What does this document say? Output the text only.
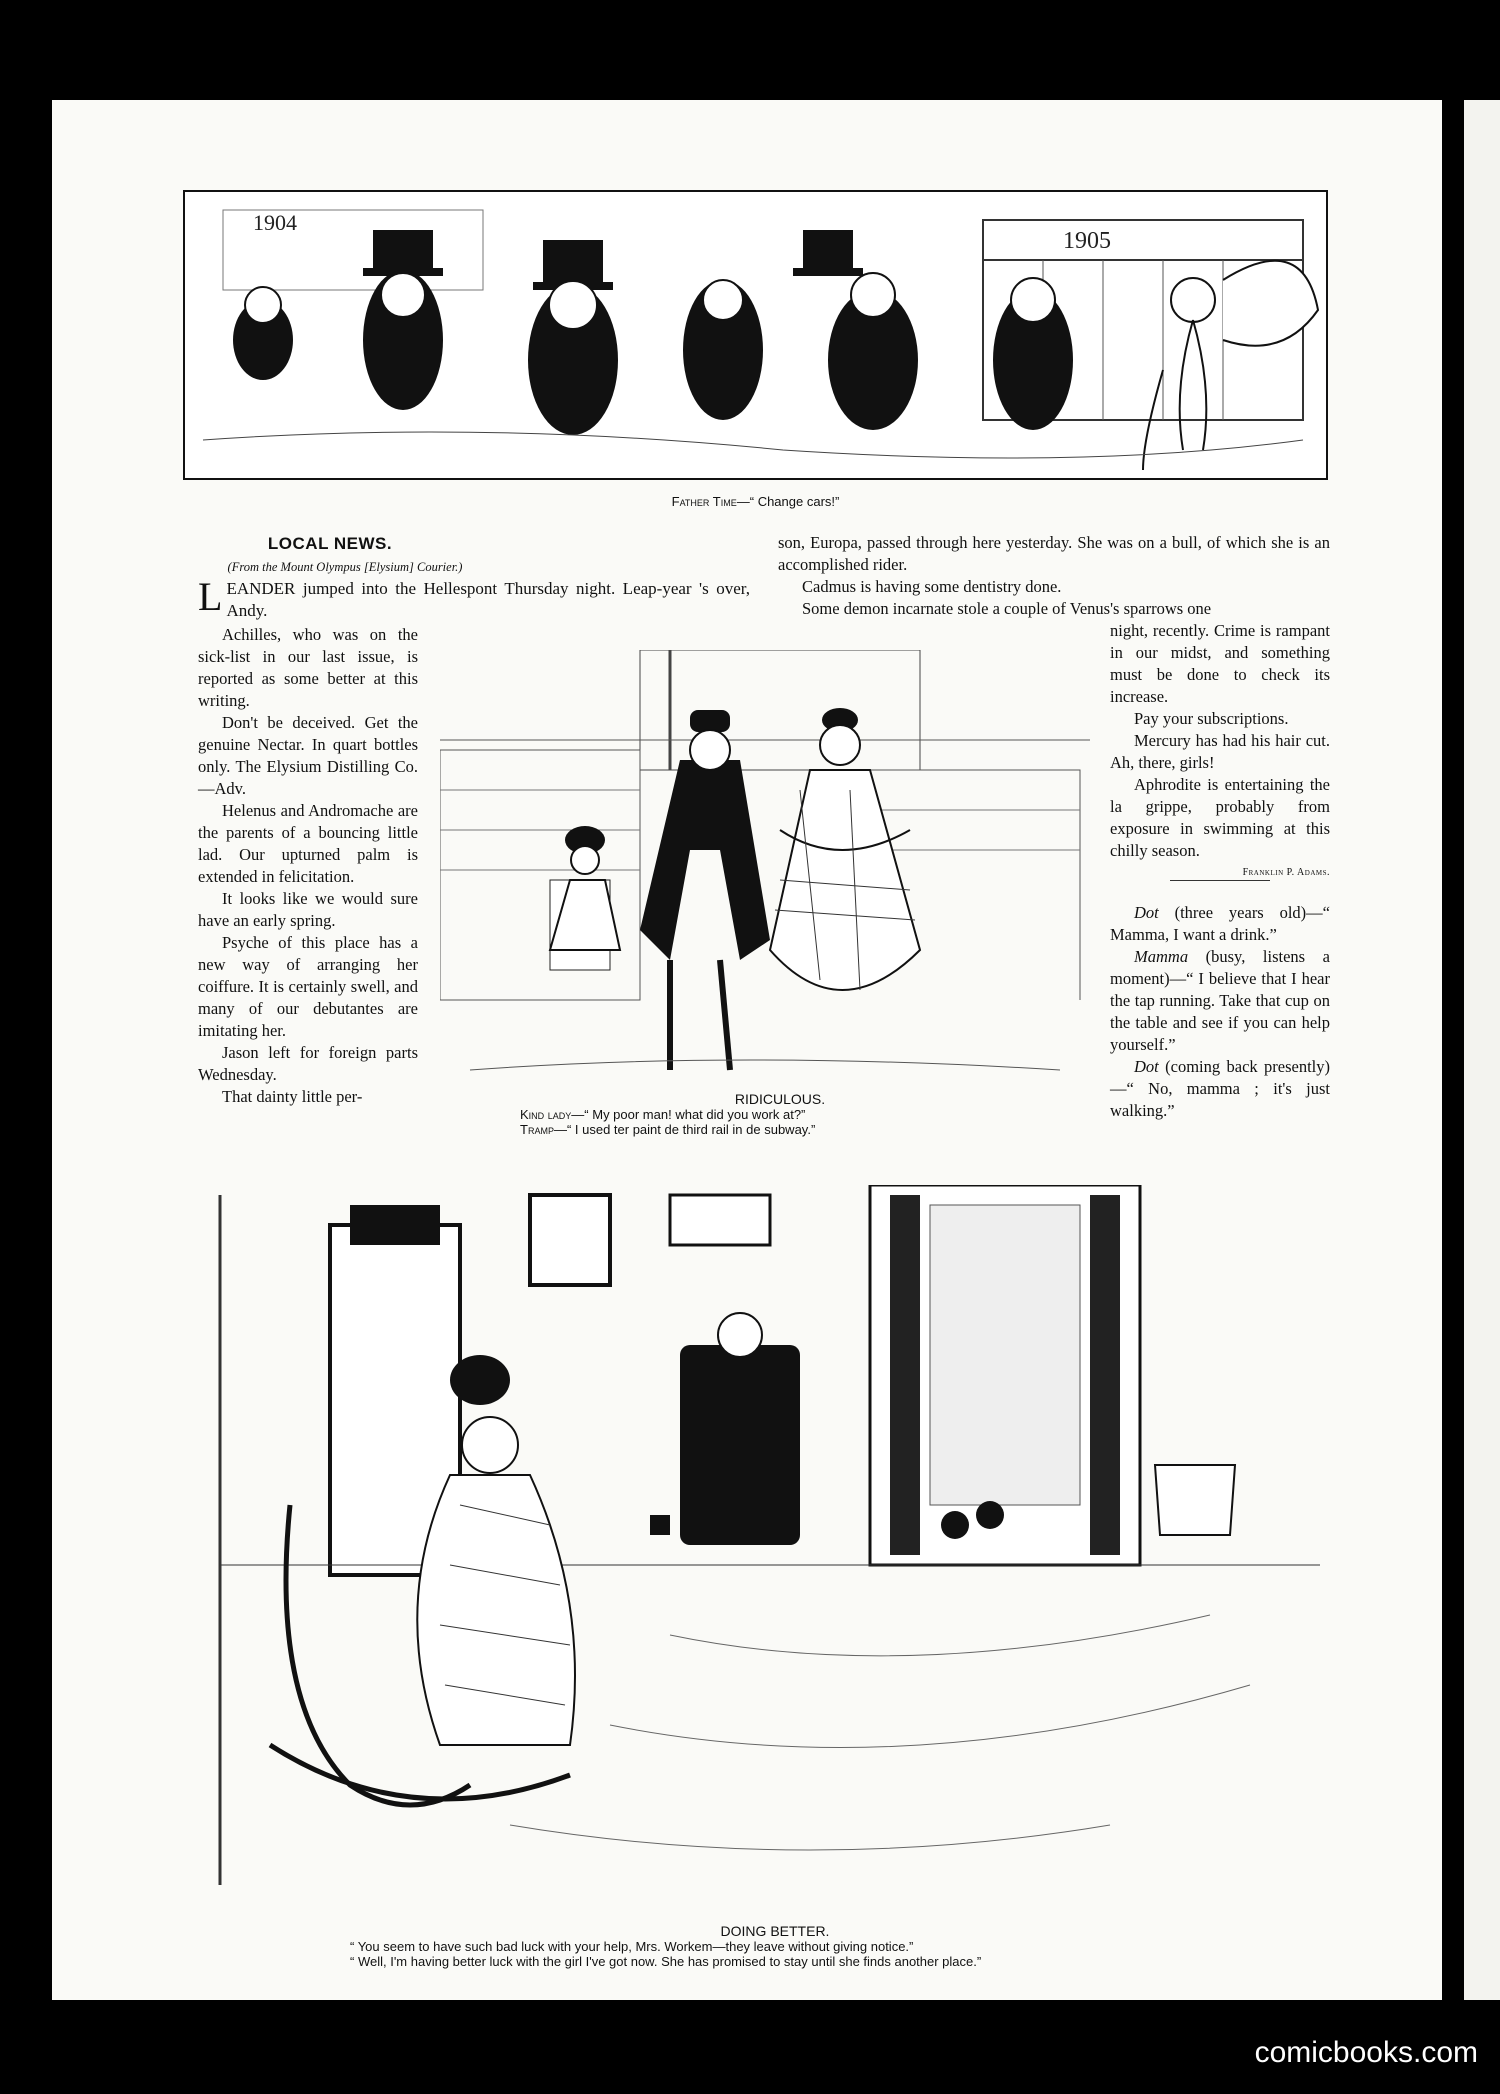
1904
1905
Father Time—“ Change cars!”
LOCAL NEWS.
(From the Mount Olympus [Elysium] Courier.)
LEANDER jumped into the Hellespont Thursday night. Leap-year 's over, Andy.

Achilles, who was on the sick-list in our last issue, is reported as some better at this writing.

Don't be deceived. Get the genuine Nectar. In quart bottles only. The Elysium Distilling Co.—Adv.

Helenus and Andromache are the parents of a bouncing little lad. Our upturned palm is extended in felicitation.

It looks like we would sure have an early spring.

Psyche of this place has a new way of arranging her coiffure. It is certainly swell, and many of our debutantes are imitating her.

Jason left for foreign parts Wednesday.

That dainty little per-

son, Europa, passed through here yesterday. She was on a bull, of which she is an accomplished rider.

Cadmus is having some dentistry done.

Some demon incarnate stole a couple of Venus's sparrows one

night, recently. Crime is rampant in our midst, and something must be done to check its increase.

Pay your subscriptions.

Mercury has had his hair cut. Ah, there, girls!

Aphrodite is entertaining the la grippe, probably from exposure in swimming at this chilly season.

Franklin P. Adams.

Dot (three years old)—“ Mamma, I want a drink.”

Mamma (busy, listens a moment)—“ I believe that I hear the tap running. Take that cup on the table and see if you can help yourself.”

Dot (coming back presently)—“ No, mamma ; it's just walking.”

RIDICULOUS.
Kind lady—“ My poor man! what did you work at?”
Tramp—“ I used ter paint de third rail in de subway.”
DOING BETTER.
“ You seem to have such bad luck with your help, Mrs. Workem—they leave without giving notice.”
“ Well, I'm having better luck with the girl I've got now. She has promised to stay until she finds another place.”
comicbooks.com
